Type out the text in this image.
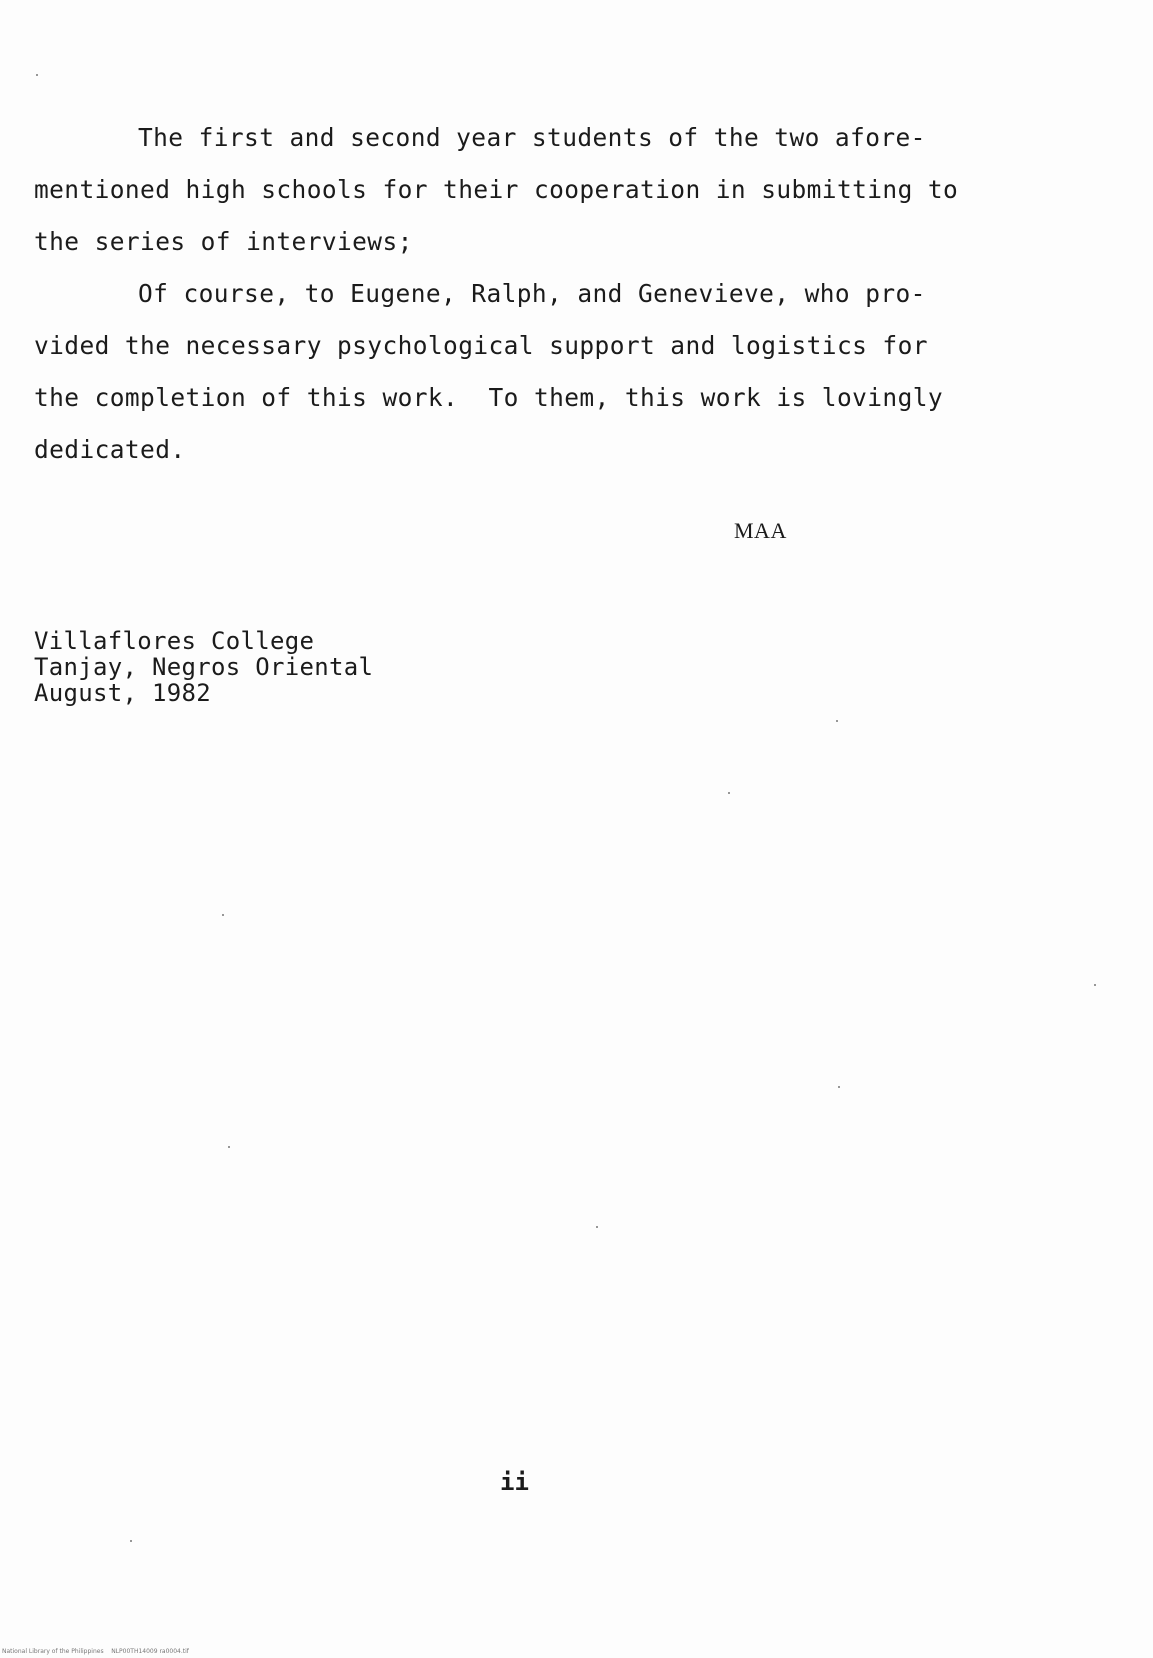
The first and second year students of the two afore-
mentioned high schools for their cooperation in submitting to
the series of interviews;

Of course, to Eugene, Ralph, and Genevieve, who pro-
vided the necessary psychological support and logistics for
the completion of this work.  To them, this work is lovingly
dedicated.

MAA
Villaflores College
Tanjay, Negros Oriental
August, 1982
ii
National Library of the Philippines    NLP00TH14009 ra0004.tif
